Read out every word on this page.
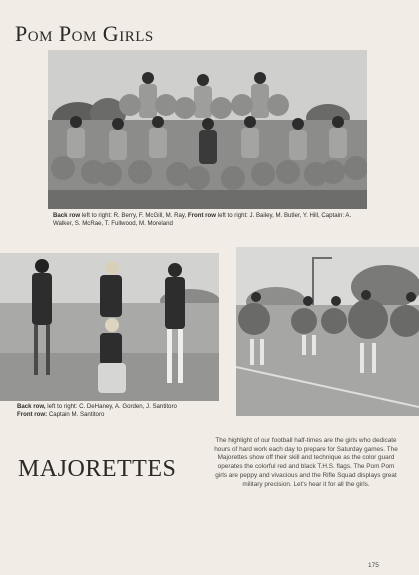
Pom Pom Girls
Back row left to right: R. Berry, F. McGill, M. Ray, Front row left to right: J. Bailey, M. Butler, Y. Hill, Captain: A. Walker, S. McRae, T. Fullwood, M. Moreland
Back row, left to right: C. DeHaney, A. Gorden, J. Santitoro
Front row: Captain M. Santitoro
MAJORETTES
The highlight of our football half-times are the girls who dedicate hours of hard work each day to prepare for Saturday games. The Majorettes show off their skill and technique as the color guard operates the colorful red and black T.H.S. flags. The Pom Pom girls are peppy and vivacious and the Rifle Squad displays great military precision. Let's hear it for all the girls.
175
